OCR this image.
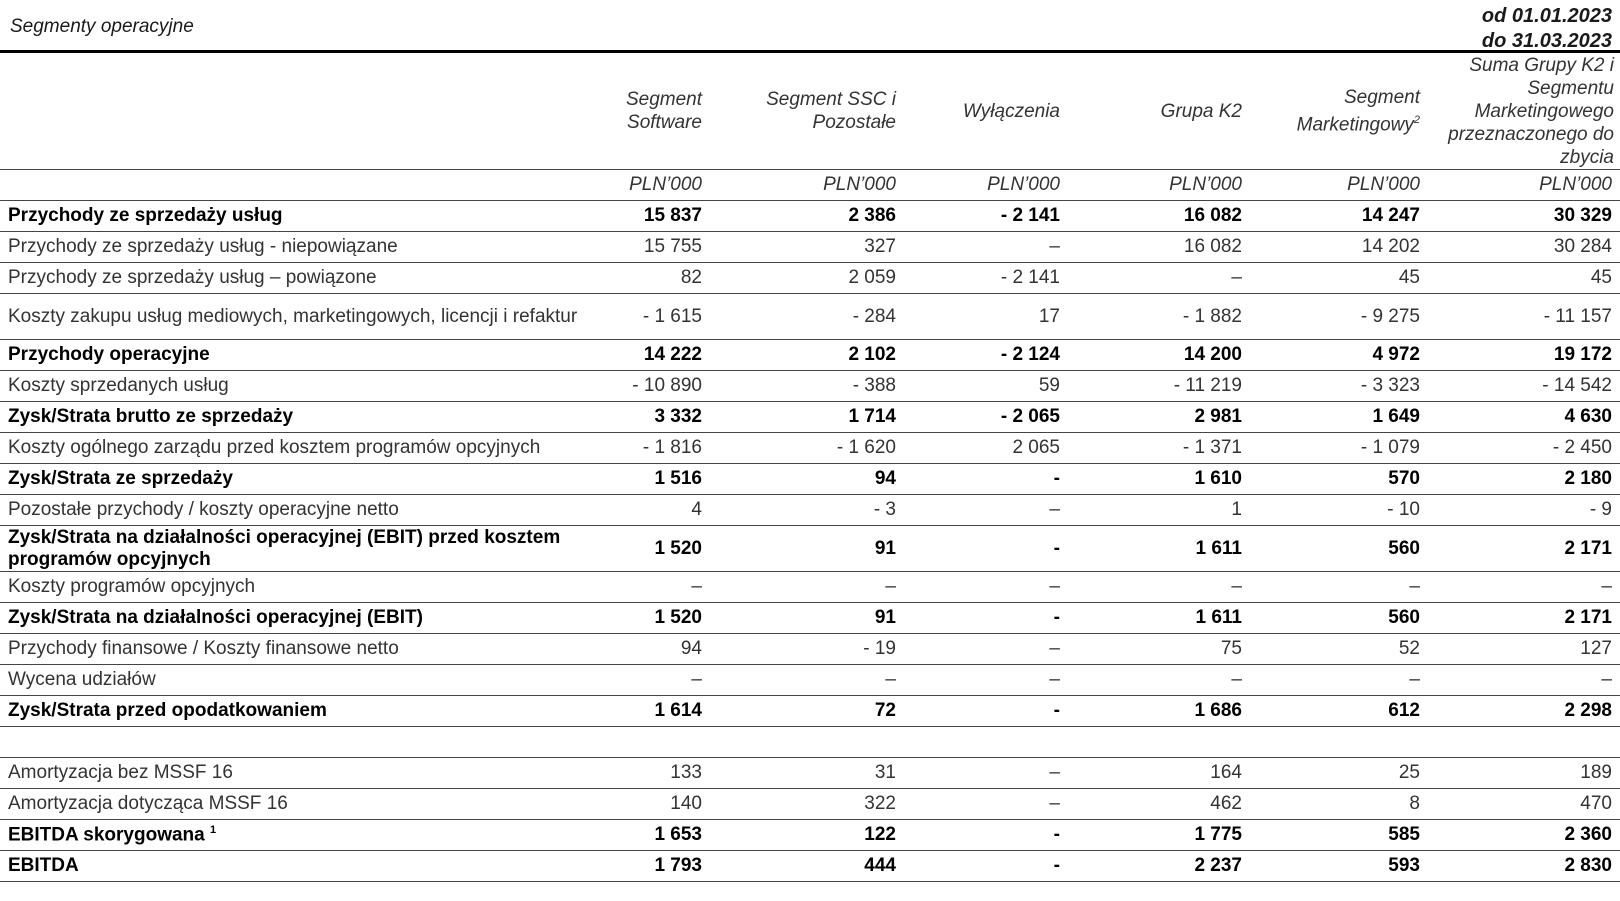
Segmenty operacyjne	od 01.01.2023
do 31.03.2023
	Segment Software	Segment SSC i Pozostałe	Wyłączenia	Grupa K2	Segment Marketingowy$^2$	Suma Grupy K2 i Segmentu Marketingowego przeznaczonego do zbycia
	PLN’000	PLN’000	PLN’000	PLN’000	PLN’000	PLN’000
Przychody ze sprzedaży usług	15 837	2 386	- 2 141	16 082	14 247	30 329
Przychody ze sprzedaży usług - niepowiązane	15 755	327	–	16 082	14 202	30 284
Przychody ze sprzedaży usług – powiązone	82	2 059	- 2 141	–	45	45
Koszty zakupu usług mediowych, marketingowych, licencji i refaktur	- 1 615	- 284	17	- 1 882	- 9 275	- 11 157
Przychody operacyjne	14 222	2 102	- 2 124	14 200	4 972	19 172
Koszty sprzedanych usług	- 10 890	- 388	59	- 11 219	- 3 323	- 14 542
Zysk/Strata brutto ze sprzedaży	3 332	1 714	- 2 065	2 981	1 649	4 630
Koszty ogólnego zarządu przed kosztem programów opcyjnych	- 1 816	- 1 620	2 065	- 1 371	- 1 079	- 2 450
Zysk/Strata ze sprzedaży	1 516	94	-	1 610	570	2 180
Pozostałe przychody / koszty operacyjne netto	4	- 3	–	1	- 10	- 9
Zysk/Strata na działalności operacyjnej (EBIT) przed kosztem programów opcyjnych	1 520	91	-	1 611	560	2 171
Koszty programów opcyjnych	–	–	–	–	–	–
Zysk/Strata na działalności operacyjnej (EBIT)	1 520	91	-	1 611	560	2 171
Przychody finansowe / Koszty finansowe netto	94	- 19	–	75	52	127
Wycena udziałów	–	–	–	–	–	–
Zysk/Strata przed opodatkowaniem	1 614	72	-	1 686	612	2 298

Amortyzacja bez MSSF 16	133	31	–	164	25	189
Amortyzacja dotycząca MSSF 16	140	322	–	462	8	470
EBITDA skorygowana $^1$	1 653	122	-	1 775	585	2 360
EBITDA	1 793	444	-	2 237	593	2 830
